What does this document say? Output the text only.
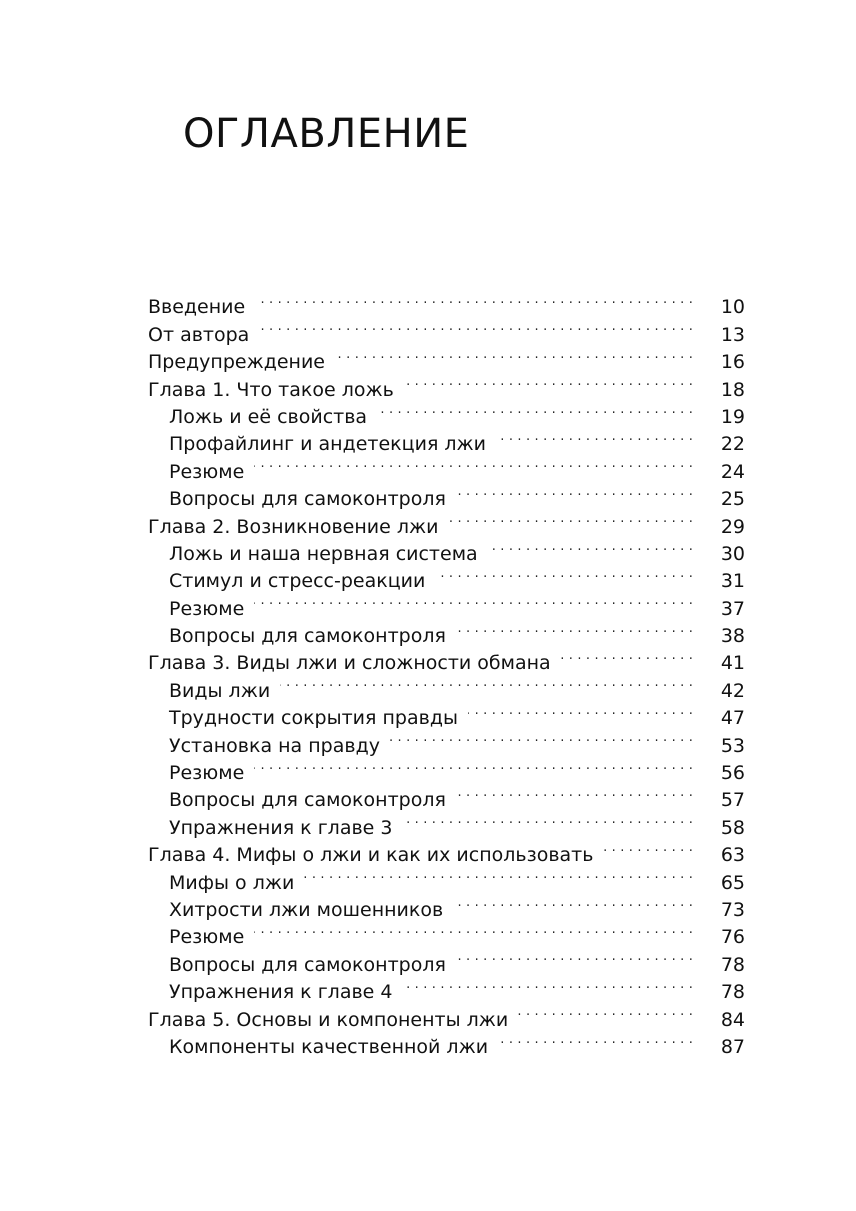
ОГЛАВЛЕНИЕ
Введение . . .	10
От автора . . .	13
Предупреждение . . .	16
Глава 1. Что такое ложь . . .	18
Ложь и её свойства . . .	19
Профайлинг и андетекция лжи . . .	22
Резюме . . .	24
Вопросы для самоконтроля . . .	25
Глава 2. Возникновение лжи . . .	29
Ложь и наша нервная система . . .	30
Стимул и стресс-реакции . . .	31
Резюме . . .	37
Вопросы для самоконтроля . . .	38
Глава 3. Виды лжи и сложности обмана . . .	41
Виды лжи . . .	42
Трудности сокрытия правды . . .	47
Установка на правду . . .	53
Резюме . . .	56
Вопросы для самоконтроля . . .	57
Упражнения к главе 3 . . .	58
Глава 4. Мифы о лжи и как их использовать . . .	63
Мифы о лжи . . .	65
Хитрости лжи мошенников . . .	73
Резюме . . .	76
Вопросы для самоконтроля . . .	78
Упражнения к главе 4 . . .	78
Глава 5. Основы и компоненты лжи . . .	84
Компоненты качественной лжи . . .	87
